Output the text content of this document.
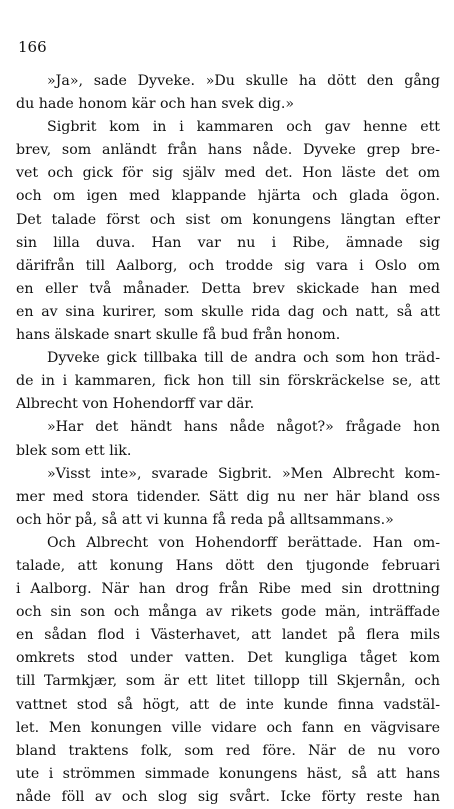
166
»Ja», sade Dyveke. »Du skulle ha dött den gång
du hade honom kär och han svek dig.»
Sigbrit kom in i kammaren och gav henne ett
brev, som anländt från hans nåde. Dyveke grep bre-
vet och gick för sig själv med det. Hon läste det om
och om igen med klappande hjärta och glada ögon.
Det talade först och sist om konungens längtan efter
sin lilla duva. Han var nu i Ribe, ämnade sig
därifrån till Aalborg, och trodde sig vara i Oslo om
en eller två månader. Detta brev skickade han med
en av sina kurirer, som skulle rida dag och natt, så att
hans älskade snart skulle få bud från honom.
Dyveke gick tillbaka till de andra och som hon träd-
de in i kammaren, fick hon till sin förskräckelse se, att
Albrecht von Hohendorff var där.
»Har det händt hans nåde något?» frågade hon
blek som ett lik.
»Visst inte», svarade Sigbrit. »Men Albrecht kom-
mer med stora tidender. Sätt dig nu ner här bland oss
och hör på, så att vi kunna få reda på alltsammans.»
Och Albrecht von Hohendorff berättade. Han om-
talade, att konung Hans dött den tjugonde februari
i Aalborg. När han drog från Ribe med sin drottning
och sin son och många av rikets gode män, inträffade
en sådan flod i Västerhavet, att landet på flera mils
omkrets stod under vatten. Det kungliga tåget kom
till Tarmkjær, som är ett litet tillopp till Skjernån, och
vattnet stod så högt, att de inte kunde finna vadstäl-
let. Men konungen ville vidare och fann en vägvisare
bland traktens folk, som red före. När de nu voro
ute i strömmen simmade konungens häst, så att hans
nåde föll av och slog sig svårt. Icke förty reste han
